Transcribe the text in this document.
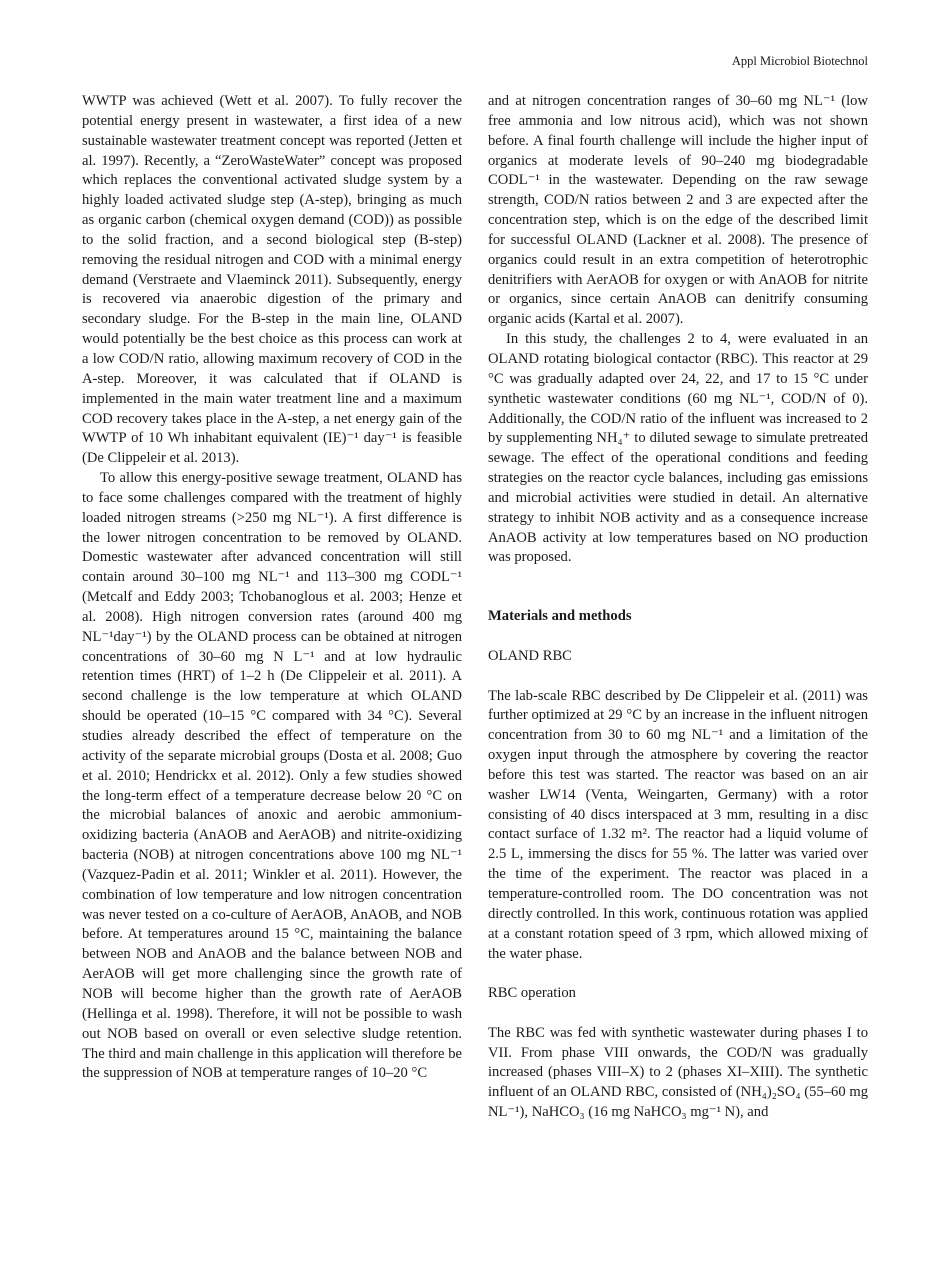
Appl Microbiol Biotechnol

WWTP was achieved (Wett et al. 2007). To fully recover the potential energy present in wastewater, a first idea of a new sustainable wastewater treatment concept was reported (Jetten et al. 1997). Recently, a “ZeroWasteWater” concept was proposed which replaces the conventional activated sludge system by a highly loaded activated sludge step (A-step), bringing as much as organic carbon (chemical oxygen demand (COD)) as possible to the solid fraction, and a second biological step (B-step) removing the residual nitrogen and COD with a minimal energy demand (Verstraete and Vlaeminck 2011). Subsequently, energy is recovered via anaerobic digestion of the primary and secondary sludge. For the B-step in the main line, OLAND would potentially be the best choice as this process can work at a low COD/N ratio, allowing maximum recovery of COD in the A-step. Moreover, it was calculated that if OLAND is implemented in the main water treatment line and a maximum COD recovery takes place in the A-step, a net energy gain of the WWTP of 10 Wh inhabitant equivalent (IE)⁻¹ day⁻¹ is feasible (De Clippeleir et al. 2013).

To allow this energy-positive sewage treatment, OLAND has to face some challenges compared with the treatment of highly loaded nitrogen streams (>250 mg NL⁻¹). A first difference is the lower nitrogen concentration to be removed by OLAND. Domestic wastewater after advanced concentration will still contain around 30–100 mg NL⁻¹ and 113–300 mg CODL⁻¹ (Metcalf and Eddy 2003; Tchobanoglous et al. 2003; Henze et al. 2008). High nitrogen conversion rates (around 400 mg NL⁻¹day⁻¹) by the OLAND process can be obtained at nitrogen concentrations of 30–60 mg N L⁻¹ and at low hydraulic retention times (HRT) of 1–2 h (De Clippeleir et al. 2011). A second challenge is the low temperature at which OLAND should be operated (10–15 °C compared with 34 °C). Several studies already described the effect of temperature on the activity of the separate microbial groups (Dosta et al. 2008; Guo et al. 2010; Hendrickx et al. 2012). Only a few studies showed the long-term effect of a temperature decrease below 20 °C on the microbial balances of anoxic and aerobic ammonium-oxidizing bacteria (AnAOB and AerAOB) and nitrite-oxidizing bacteria (NOB) at nitrogen concentrations above 100 mg NL⁻¹ (Vazquez-Padin et al. 2011; Winkler et al. 2011). However, the combination of low temperature and low nitrogen concentration was never tested on a co-culture of AerAOB, AnAOB, and NOB before. At temperatures around 15 °C, maintaining the balance between NOB and AnAOB and the balance between NOB and AerAOB will get more challenging since the growth rate of NOB will become higher than the growth rate of AerAOB (Hellinga et al. 1998). Therefore, it will not be possible to wash out NOB based on overall or even selective sludge retention. The third and main challenge in this application will therefore be the suppression of NOB at temperature ranges of 10–20 °C

and at nitrogen concentration ranges of 30–60 mg NL⁻¹ (low free ammonia and low nitrous acid), which was not shown before. A final fourth challenge will include the higher input of organics at moderate levels of 90–240 mg biodegradable CODL⁻¹ in the wastewater. Depending on the raw sewage strength, COD/N ratios between 2 and 3 are expected after the concentration step, which is on the edge of the described limit for successful OLAND (Lackner et al. 2008). The presence of organics could result in an extra competition of heterotrophic denitrifiers with AerAOB for oxygen or with AnAOB for nitrite or organics, since certain AnAOB can denitrify consuming organic acids (Kartal et al. 2007).

In this study, the challenges 2 to 4, were evaluated in an OLAND rotating biological contactor (RBC). This reactor at 29 °C was gradually adapted over 24, 22, and 17 to 15 °C under synthetic wastewater conditions (60 mg NL⁻¹, COD/N of 0). Additionally, the COD/N ratio of the influent was increased to 2 by supplementing NH₄⁺ to diluted sewage to simulate pretreated sewage. The effect of the operational conditions and feeding strategies on the reactor cycle balances, including gas emissions and microbial activities were studied in detail. An alternative strategy to inhibit NOB activity and as a consequence increase AnAOB activity at low temperatures based on NO production was proposed.

Materials and methods

OLAND RBC

The lab-scale RBC described by De Clippeleir et al. (2011) was further optimized at 29 °C by an increase in the influent nitrogen concentration from 30 to 60 mg NL⁻¹ and a limitation of the oxygen input through the atmosphere by covering the reactor before this test was started. The reactor was based on an air washer LW14 (Venta, Weingarten, Germany) with a rotor consisting of 40 discs interspaced at 3 mm, resulting in a disc contact surface of 1.32 m². The reactor had a liquid volume of 2.5 L, immersing the discs for 55 %. The latter was varied over the time of the experiment. The reactor was placed in a temperature-controlled room. The DO concentration was not directly controlled. In this work, continuous rotation was applied at a constant rotation speed of 3 rpm, which allowed mixing of the water phase.

RBC operation

The RBC was fed with synthetic wastewater during phases I to VII. From phase VIII onwards, the COD/N was gradually increased (phases VIII–X) to 2 (phases XI–XIII). The synthetic influent of an OLAND RBC, consisted of (NH₄)₂SO₄ (55–60 mg NL⁻¹), NaHCO₃ (16 mg NaHCO₃ mg⁻¹ N), and
